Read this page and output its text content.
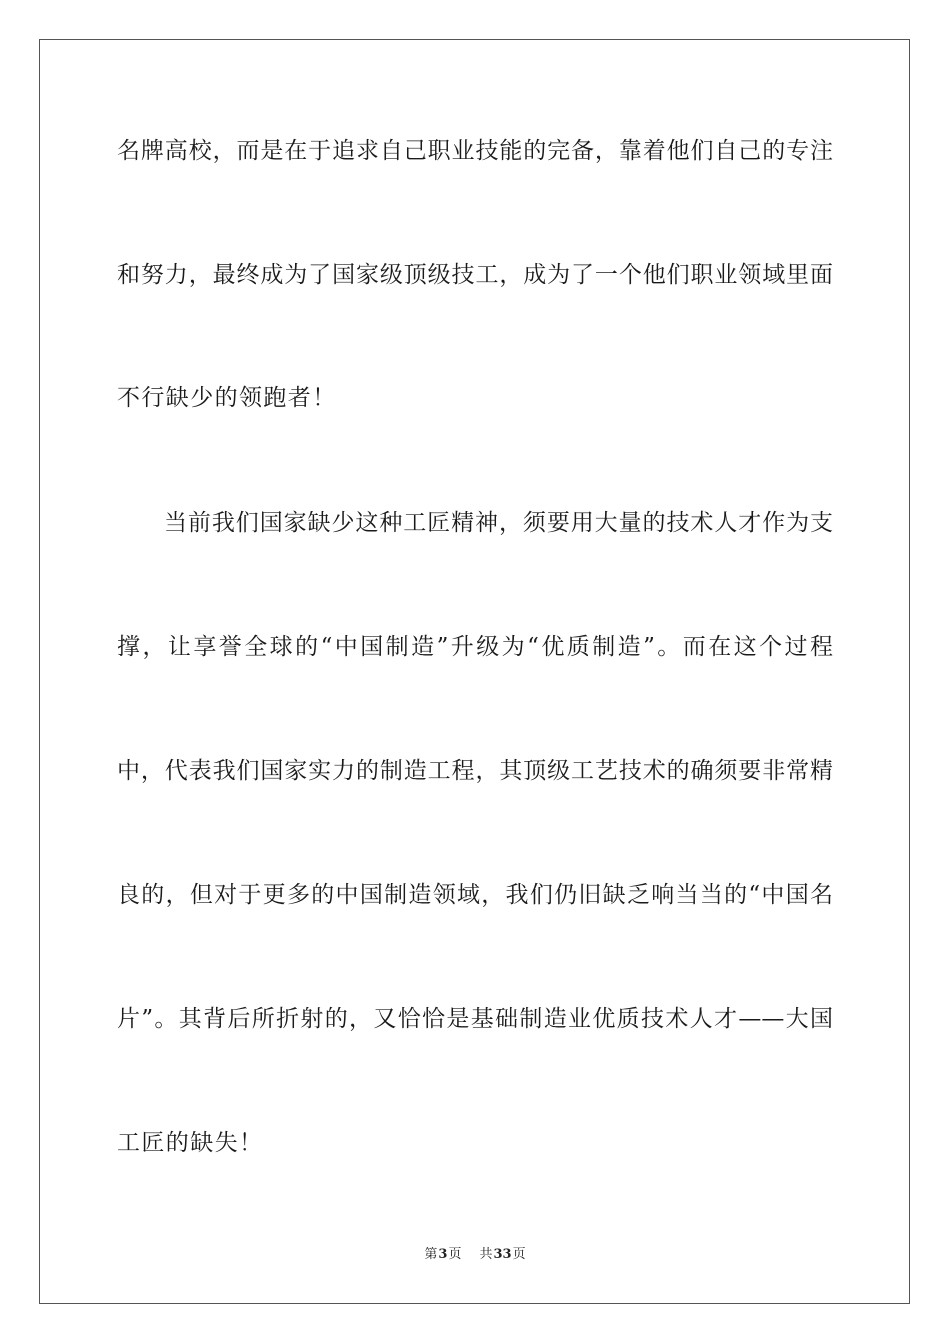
名牌高校，而是在于追求自己职业技能的完备，靠着他们自己的专注
和努力，最终成为了国家级顶级技工，成为了一个他们职业领域里面
不行缺少的领跑者！
当前我们国家缺少这种工匠精神，须要用大量的技术人才作为支
撑，让享誉全球的“中国制造”升级为“优质制造”。而在这个过程
中，代表我们国家实力的制造工程，其顶级工艺技术的确须要非常精
良的，但对于更多的中国制造领域，我们仍旧缺乏响当当的“中国名
片”。其背后所折射的，又恰恰是基础制造业优质技术人才——大国
工匠的缺失！
第3页 共33页
